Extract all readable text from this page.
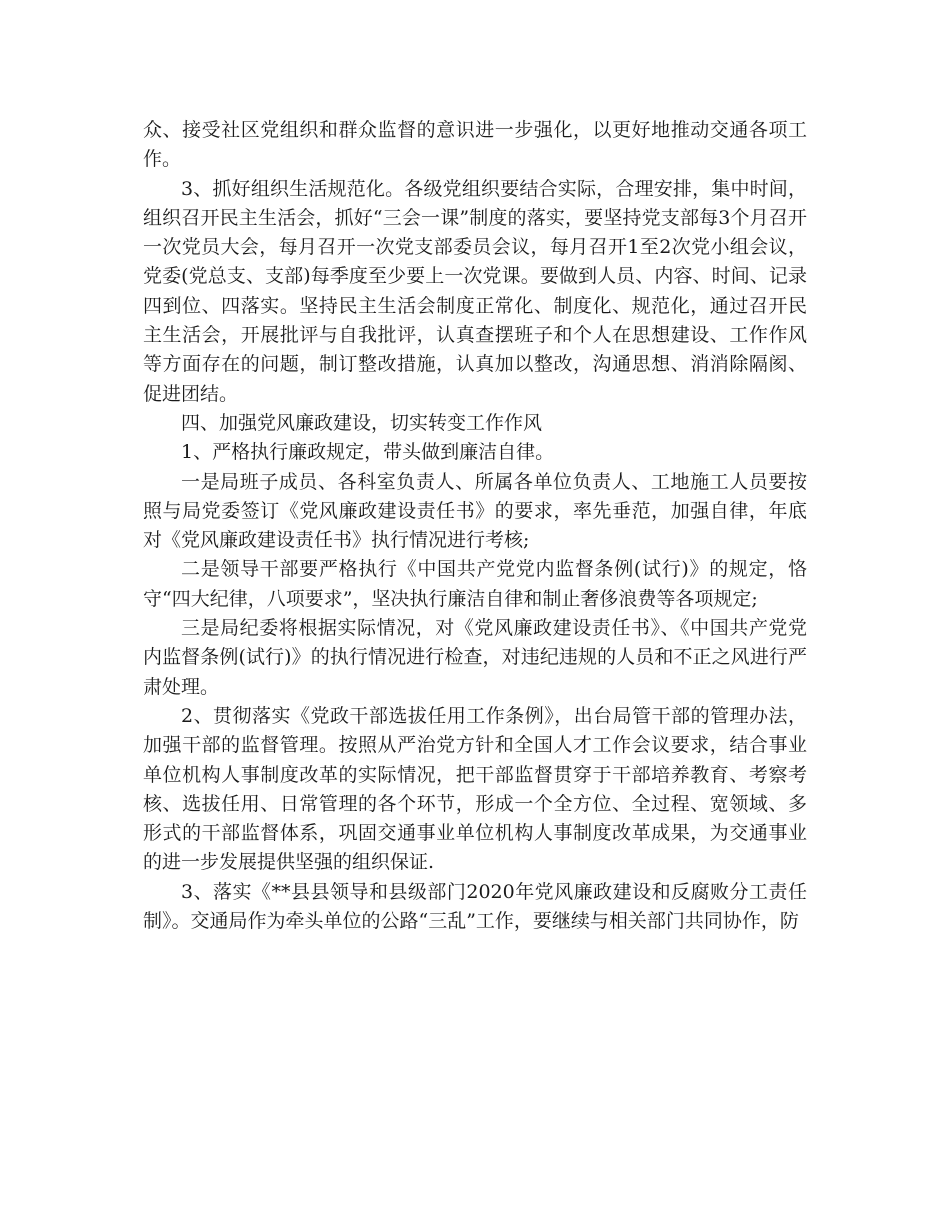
众、接受社区党组织和群众监督的意识进一步强化，以更好地推动交通各项工作。

3、抓好组织生活规范化。各级党组织要结合实际，合理安排，集中时间，组织召开民主生活会，抓好“三会一课”制度的落实，要坚持党支部每3个月召开一次党员大会，每月召开一次党支部委员会议，每月召开1至2次党小组会议，党委(党总支、支部)每季度至少要上一次党课。要做到人员、内容、时间、记录四到位、四落实。坚持民主生活会制度正常化、制度化、规范化，通过召开民主生活会，开展批评与自我批评，认真查摆班子和个人在思想建设、工作作风等方面存在的问题，制订整改措施，认真加以整改，沟通思想、消消除隔阂、促进团结。

四、加强党风廉政建设，切实转变工作作风

1、严格执行廉政规定，带头做到廉洁自律。

一是局班子成员、各科室负责人、所属各单位负责人、工地施工人员要按照与局党委签订《党风廉政建设责任书》的要求，率先垂范，加强自律，年底对《党风廉政建设责任书》执行情况进行考核;

二是领导干部要严格执行《中国共产党党内监督条例(试行)》的规定，恪守“四大纪律，八项要求”，坚决执行廉洁自律和制止奢侈浪费等各项规定;

三是局纪委将根据实际情况，对《党风廉政建设责任书》、《中国共产党党内监督条例(试行)》的执行情况进行检查，对违纪违规的人员和不正之风进行严肃处理。

2、贯彻落实《党政干部选拔任用工作条例》，出台局管干部的管理办法，加强干部的监督管理。按照从严治党方针和全国人才工作会议要求，结合事业单位机构人事制度改革的实际情况，把干部监督贯穿于干部培养教育、考察考核、选拔任用、日常管理的各个环节，形成一个全方位、全过程、宽领域、多形式的干部监督体系，巩固交通事业单位机构人事制度改革成果，为交通事业的进一步发展提供坚强的组织保证.

3、落实《**县县领导和县级部门2020年党风廉政建设和反腐败分工责任制》。交通局作为牵头单位的公路“三乱”工作，要继续与相关部门共同协作，防
